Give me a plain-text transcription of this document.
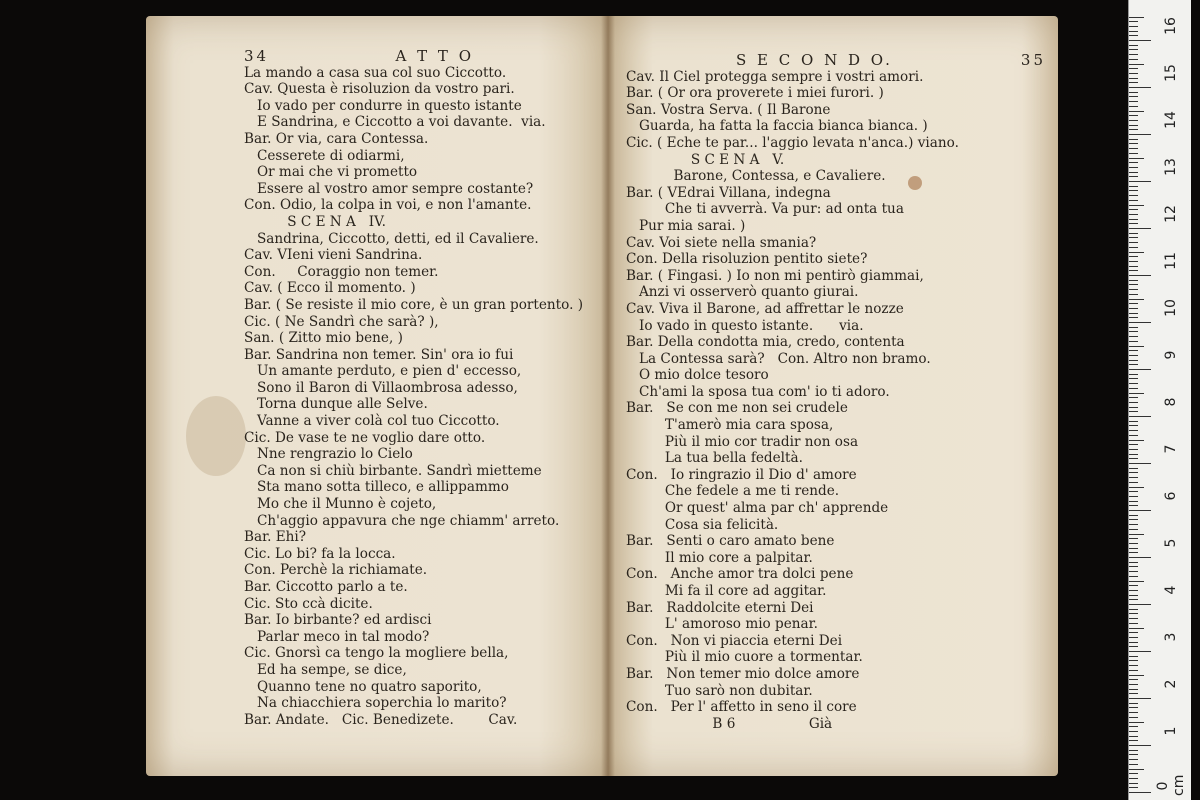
34	A T T O
La mando a casa sua col suo Ciccotto.
Cav. Questa è risoluzion da vostro pari.
Io vado per condurre in questo istante
E Sandrina, e Ciccotto a voi davante.  via.
Bar. Or via, cara Contessa.
Cesserete di odiarmi,
Or mai che vi prometto
Essere al vostro amor sempre costante?
Con. Odio, la colpa in voi, e non l'amante.
S C E N A   IV.
Sandrina, Ciccotto, detti, ed il Cavaliere.
Cav. VIeni vieni Sandrina.
Con.     Coraggio non temer.
Cav. ( Ecco il momento. )
Bar. ( Se resiste il mio core, è un gran portento. )
Cic. ( Ne Sandrì che sarà? ),
San. ( Zitto mio bene, )
Bar. Sandrina non temer. Sin' ora io fui
Un amante perduto, e pien d' eccesso,
Sono il Baron di Villaombrosa adesso,
Torna dunque alle Selve.
Vanne a viver colà col tuo Ciccotto.
Cic. De vase te ne voglio dare otto.
Nne rengrazio lo Cielo
Ca non si chiù birbante. Sandrì mietteme
Sta mano sotta tilleco, e allippammo
Mo che il Munno è cojeto,
Ch'aggio appavura che nge chiamm' arreto.
Bar. Ehi?
Cic. Lo bi? fa la locca.
Con. Perchè la richiamate.
Bar. Ciccotto parlo a te.
Cic. Sto ccà dicite.
Bar. Io birbante? ed ardisci
Parlar meco in tal modo?
Cic. Gnorsì ca tengo la mogliere bella,
Ed ha sempe, se dice,
Quanno tene no quatro saporito,
Na chiacchiera soperchia lo marito?
Bar. Andate.   Cic. Benedizete.        Cav.
S E C O N D O.	35
Cav. Il Ciel protegga sempre i vostri amori.
Bar. ( Or ora proverete i miei furori. )
San. Vostra Serva. ( Il Barone
Guarda, ha fatta la faccia bianca bianca. )
Cic. ( Eche te par... l'aggio levata n'anca.) viano.
S C E N A   V.
Barone, Contessa, e Cavaliere.
Bar. ( VEdrai Villana, indegna
Che ti avverrà. Va pur: ad onta tua
Pur mia sarai. )
Cav. Voi siete nella smania?
Con. Della risoluzion pentito siete?
Bar. ( Fingasi. ) Io non mi pentirò giammai,
Anzi vi osserverò quanto giurai.
Cav. Viva il Barone, ad affrettar le nozze
Io vado in questo istante.      via.
Bar. Della condotta mia, credo, contenta
La Contessa sarà?   Con. Altro non bramo.
O mio dolce tesoro
Ch'ami la sposa tua com' io ti adoro.
Bar.   Se con me non sei crudele
T'amerò mia cara sposa,
Più il mio cor tradir non osa
La tua bella fedeltà.
Con.   Io ringrazio il Dio d' amore
Che fedele a me ti rende.
Or quest' alma par ch' apprende
Cosa sia felicità.
Bar.   Senti o caro amato bene
Il mio core a palpitar.
Con.   Anche amor tra dolci pene
Mi fa il core ad aggitar.
Bar.   Raddolcite eterni Dei
L' amoroso mio penar.
Con.   Non vi piaccia eterni Dei
Più il mio cuore a tormentar.
Bar.   Non temer mio dolce amore
Tuo sarò non dubitar.
Con.   Per l' affetto in seno il core
B 6                 Già
0 cm
1
2
3
4
5
6
7
8
9
10
11
12
13
14
15
16
